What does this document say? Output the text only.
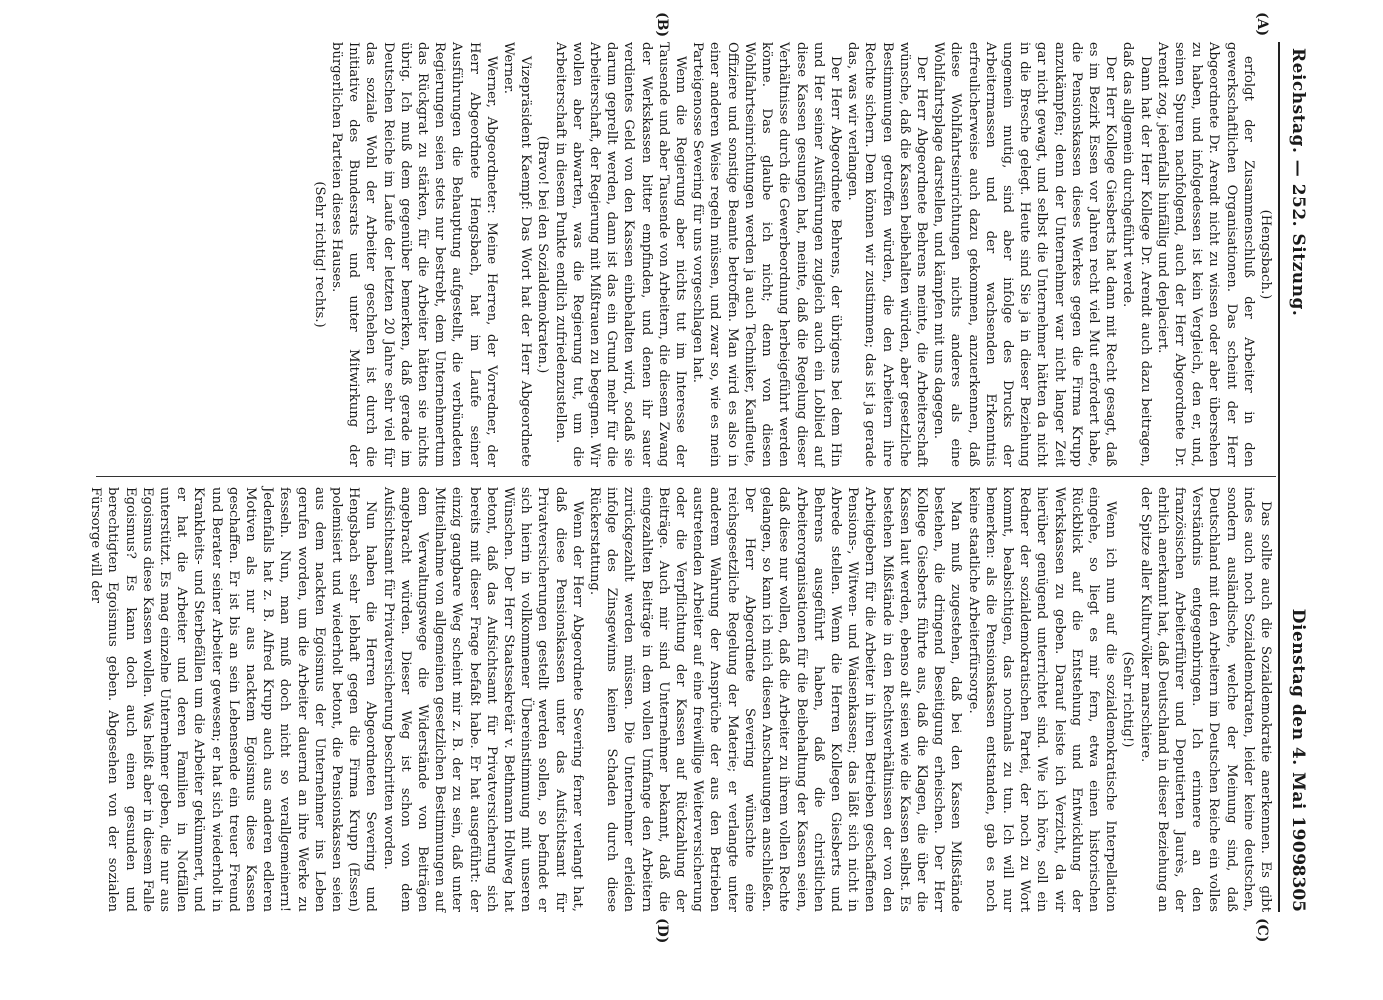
Reichstag. — 252. Sitzung.
Dienstag den 4. Mai 1909.
8305
(A)
(B)
(C)
(D)

(Hengsbach.)

erfolgt der Zusammenschluß der Arbeiter in den gewerkschaftlichen Organisationen. Das scheint der Herr Abgeordnete Dr. Arendt nicht zu wissen oder aber übersehen zu haben, und infolgedessen ist kein Vergleich, den er, und, seinen Spuren nachfolgend, auch der Herr Abgeordnete Dr. Arendt zog, jedenfalls hinfällig und deplaciert.

Dann hat der Herr Kollege Dr. Arendt auch dazu beitragen, daß das allgemein durchgeführt werde.

Der Herr Kollege Giesberts hat dann mit Recht gesagt, daß es im Bezirk Essen vor Jahren recht viel Mut erfordert habe, die Pensionskassen dieses Werkes gegen die Firma Krupp anzukämpfen; denn der Unternehmer war nicht langer Zeit gar nicht gewagt, und selbst die Unternehmer hätten da nicht in die Bresche gelegt. Heute sind Sie ja in dieser Beziehung ungemein mutig, sind aber infolge des Drucks der Arbeitermassen und der wachsenden Erkenntnis erfreulicherweise auch dazu gekommen, anzuerkennen, daß diese Wohlfahrtseinrichtungen nichts anderes als eine Wohlfahrtsplage darstellen, und kämpfen mit uns dagegen.

Der Herr Abgeordnete Behrens meinte, die Arbeiterschaft wünsche, daß die Kassen beibehalten würden, aber gesetzliche Bestimmungen getroffen würden, die den Arbeitern ihre Rechte sichern. Dem können wir zustimmen; das ist ja gerade das, was wir verlangen.

Der Herr Abgeordnete Behrens, der übrigens bei dem Hin und Her seiner Ausführungen zugleich auch ein Loblied auf diese Kassen gesungen hat, meinte, daß die Regelung dieser Verhältnisse durch die Gewerbeordnung herbeigeführt werden könne. Das glaube ich nicht; denn von diesen Wohlfahrtseinrichtungen werden ja auch Techniker, Kaufleute, Offiziere und sonstige Beamte betroffen. Man wird es also in einer anderen Weise regeln müssen, und zwar so, wie es mein Parteigenosse Severing für uns vorgeschlagen hat.

Wenn die Regierung aber nichts tut im Interesse der Tausende und aber Tausende von Arbeitern, die diesem Zwang der Werkskassen bitter empfinden, und denen ihr sauer verdientes Geld von den Kassen einbehalten wird, sodaß sie darum geprellt werden, dann ist das ein Grund mehr für die Arbeiterschaft, der Regierung mit Mißtrauen zu begegnen. Wir wollen aber abwarten, was die Regierung tut, um die Arbeiterschaft in diesem Punkte endlich zufriedenzustellen.

(Bravo! bei den Sozialdemokraten.)

Vizepräsident Kaempf: Das Wort hat der Herr Abgeordnete Werner.

Werner, Abgeordneter: Meine Herren, der Vorredner, der Herr Abgeordnete Hengsbach, hat im Laufe seiner Ausführungen die Behauptung aufgestellt, die verbündeten Regierungen seien stets nur bestrebt, dem Unternehmertum das Rückgrat zu stärken, für die Arbeiter hätten sie nichts übrig. Ich muß dem gegenüber bemerken, daß gerade im Deutschen Reiche im Laufe der letzten 20 Jahre sehr viel für das soziale Wohl der Arbeiter geschehen ist durch die Initiative des Bundesrats und unter Mitwirkung der bürgerlichen Parteien dieses Hauses.

(Sehr richtig! rechts.)

Das sollte auch die Sozialdemokratie anerkennen. Es gibt indes auch noch Sozialdemokraten, leider keine deutschen, sondern ausländische, welche der Meinung sind, daß Deutschland mit den Arbeitern im Deutschen Reiche ein volles Verständnis entgegenbringen. Ich erinnere an den französischen Arbeiterführer und Deputierten Jaurès, der ehrlich anerkannt hat, daß Deutschland in dieser Beziehung an der Spitze aller Kulturvölker marschiere.

(Sehr richtig!)

Wenn ich nun auf die sozialdemokratische Interpellation eingehe, so liegt es mir fern, etwa einen historischen Rückblick auf die Entstehung und Entwicklung der Werkskassen zu geben. Darauf leiste ich Verzicht, da wir hierüber genügend unterrichtet sind. Wie ich höre, soll ein Redner der sozialdemokratischen Partei, der noch zu Wort kommt, beabsichtigen, das nochmals zu tun. Ich will nur bemerken: als die Pensionskassen entstanden, gab es noch keine staatliche Arbeiterfürsorge.

Man muß zugestehen, daß bei den Kassen Mißstände bestehen, die dringend Beseitigung erheischen. Der Herr Kollege Giesberts führte aus, daß die Klagen, die über die Kassen laut werden, ebenso alt seien wie die Kassen selbst. Es bestehen Mißstände in den Rechtsverhältnissen der von den Arbeitgebern für die Arbeiter in ihren Betrieben geschaffenen Pensions-, Witwen- und Waisenkassen; das läßt sich nicht in Abrede stellen. Wenn die Herren Kollegen Giesberts und Behrens ausgeführt haben, daß die christlichen Arbeiterorganisationen für die Beibehaltung der Kassen seien, daß diese nur wollen, daß die Arbeiter zu ihrem vollen Rechte gelangen, so kann ich mich diesen Anschauungen anschließen. Der Herr Abgeordnete Severing wünschte eine reichsgesetzliche Regelung der Materie; er verlangte unter anderem Wahrung der Ansprüche der aus den Betrieben austretenden Arbeiter auf eine freiwillige Weiterversicherung oder die Verpflichtung der Kassen auf Rückzahlung der Beiträge. Auch mir sind Unternehmer bekannt, daß die eingezahlten Beiträge in dem vollen Umfange den Arbeitern zurückgezahlt werden müssen. Die Unternehmer erleiden infolge des Zinsgewinns keinen Schaden durch diese Rückerstattung.

Wenn der Herr Abgeordnete Severing ferner verlangt hat, daß diese Pensionskassen unter das Aufsichtsamt für Privatversicherungen gestellt werden sollen, so befindet er sich hierin in vollkommener Übereinstimmung mit unseren Wünschen. Der Herr Staatssekretär v. Bethmann Hollweg hat betont, daß das Aufsichtsamt für Privatversicherung sich bereits mit dieser Frage befaßt habe. Er hat ausgeführt: der einzig gangbare Weg scheint mir z. B. der zu sein, daß unter Mitteilnahme von allgemeinen gesetzlichen Bestimmungen auf dem Verwaltungswege die Widerstände von Beiträgen angebracht würden. Dieser Weg ist schon von dem Aufsichtsamt für Privatversicherung beschritten worden.

Nun haben die Herren Abgeordneten Severing und Hengsbach sehr lebhaft gegen die Firma Krupp (Essen) polemisiert und wiederholt betont, die Pensionskassen seien aus dem nackten Egoismus der Unternehmer ins Leben gerufen worden, um die Arbeiter dauernd an ihre Werke zu fesseln. Nun, man muß doch nicht so verallgemeinern! Jedenfalls hat z. B. Alfred Krupp auch aus anderen edleren Motiven als nur aus nacktem Egoismus diese Kassen geschaffen. Er ist bis an sein Lebensende ein treuer Freund und Berater seiner Arbeiter gewesen; er hat sich wiederholt in Krankheits- und Sterbefällen um die Arbeiter gekümmert, und er hat die Arbeiter und deren Familien in Notfällen unterstützt. Es mag einzelne Unternehmer geben, die nur aus Egoismus diese Kassen wollen. Was heißt aber in diesem Falle Egoismus? Es kann doch auch einen gesunden und berechtigten Egoismus geben. Abgesehen von der sozialen Fürsorge will der
